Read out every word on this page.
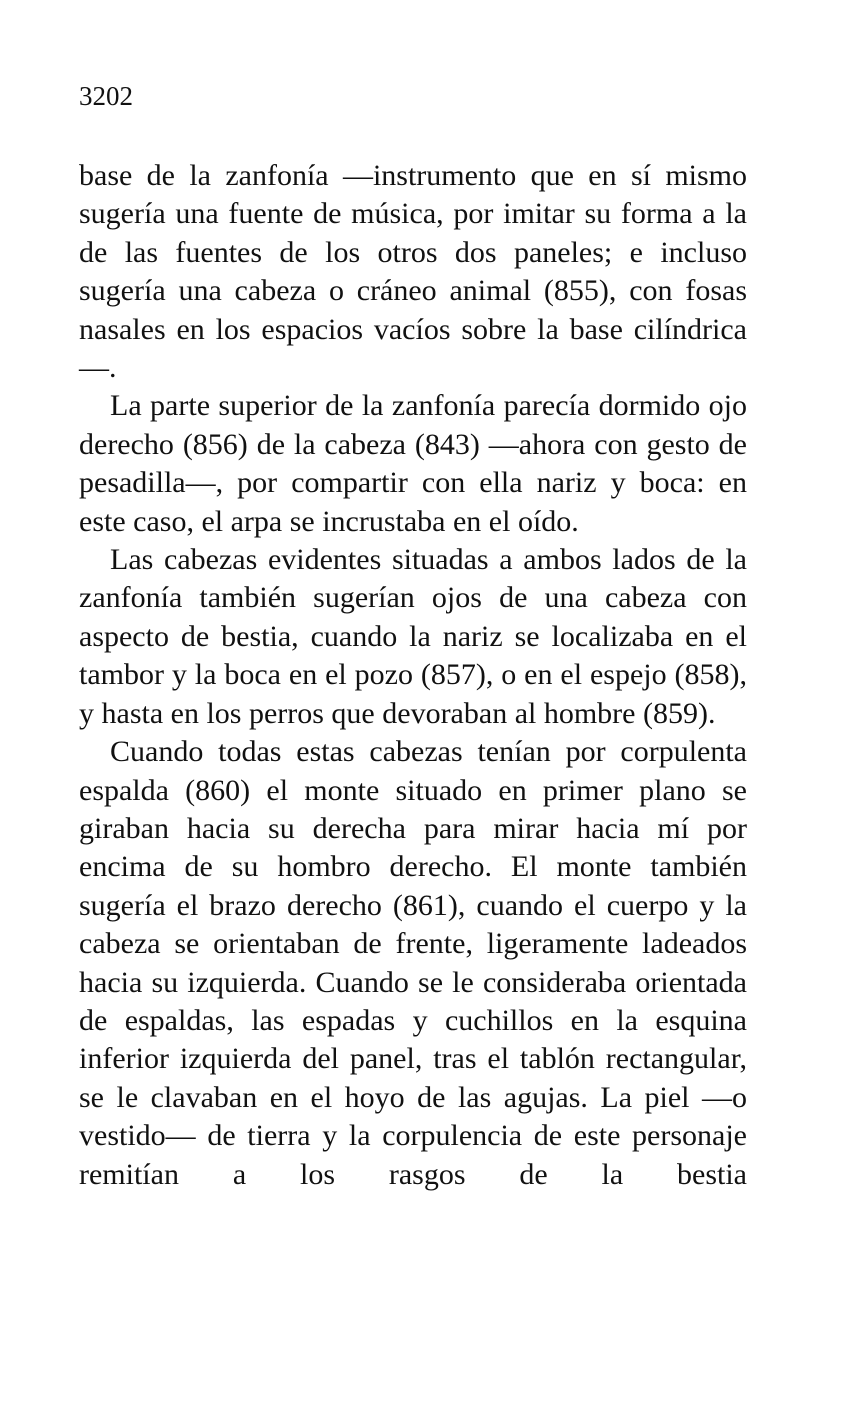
3202

base de la zanfonía —instrumento que en sí mismo sugería una fuente de música, por imitar su forma a la de las fuentes de los otros dos paneles; e incluso sugería una cabeza o cráneo animal (855), con fosas nasales en los espacios vacíos sobre la base cilíndrica—.

La parte superior de la zanfonía parecía dormido ojo derecho (856) de la cabeza (843) —ahora con gesto de pesadilla—, por compartir con ella nariz y boca: en este caso, el arpa se incrustaba en el oído.

Las cabezas evidentes situadas a ambos lados de la zanfonía también sugerían ojos de una cabeza con aspecto de bestia, cuando la nariz se localizaba en el tambor y la boca en el pozo (857), o en el espejo (858), y hasta en los perros que devoraban al hombre (859).

Cuando todas estas cabezas tenían por corpulenta espalda (860) el monte situado en primer plano se giraban hacia su derecha para mirar hacia mí por encima de su hombro derecho. El monte también sugería el brazo derecho (861), cuando el cuerpo y la cabeza se orientaban de frente, ligeramente ladeados hacia su izquierda. Cuando se le consideraba orientada de espaldas, las espadas y cuchillos en la esquina inferior izquierda del panel, tras el tablón rectangular, se le clavaban en el hoyo de las agujas. La piel —o vestido— de tierra y la corpulencia de este personaje remitían a los rasgos de la bestia
